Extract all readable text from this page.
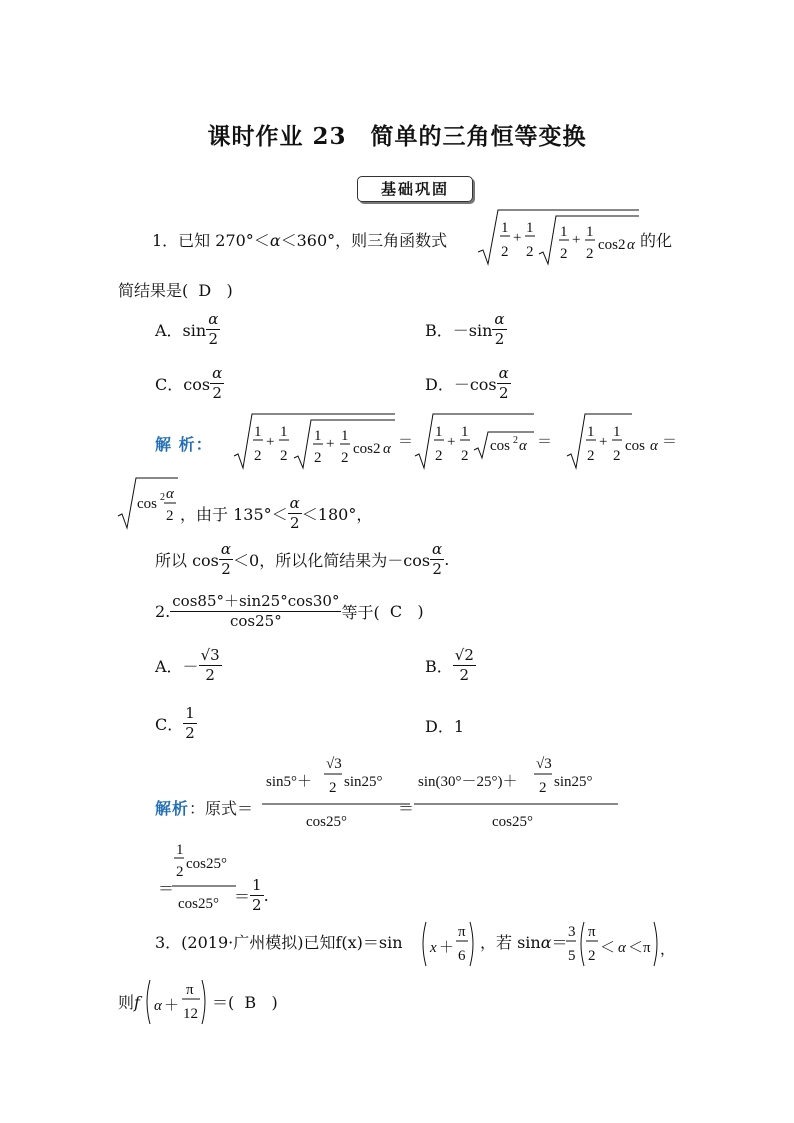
课时作业 23　简单的三角恒等变换
基础巩固
1．已知 270°＜α＜360°，则三角函数式
1
2
+
1
2
1
2
+ 1
2
cos2 α 的化
简结果是( D )
A．$\sin \frac{\alpha}{2}$	B．$-\sin \frac{\alpha}{2}$
C．$\cos \frac{\alpha}{2}$	D．$-\cos \frac{\alpha}{2}$
解 析：
1
2
+
1
2
1
2
+ 1
2
cos2 α ＝
1
2
+
1
2
cos 2 α ＝
1
2
+
1
2
cos α ＝
cos 2 α
2 ，由于 $135^\circ< \frac{\alpha}{2} <180^\circ$，
所以 $\cos \frac{\alpha}{2} <0$，所以化简结果为$-\cos \frac{\alpha}{2}$ .
2. $\frac{\cos 85^\circ+\sin 25^\circ\cos 30^\circ}{\cos 25^\circ}$ 等于( C )
A．－ $\frac{√3}{2}$	B． $\frac{√2}{2}$
C． $\frac{1}{2}$	D．1
解析：原式＝
sin5°＋
√3
2 sin25°
cos25°
＝
sin(30°－25°)＋
√3
2 sin25°
cos25°
＝
1
2 cos25°
$\cos 25^\circ = \frac{1}{2}$ .
3．(2019·广州模拟)已知f(x)＝sin x ＋
π
6
，若 sinα＝
3
5
π
2 ＜ α ＜π ，
则f α ＋
π
12
＝( B )
